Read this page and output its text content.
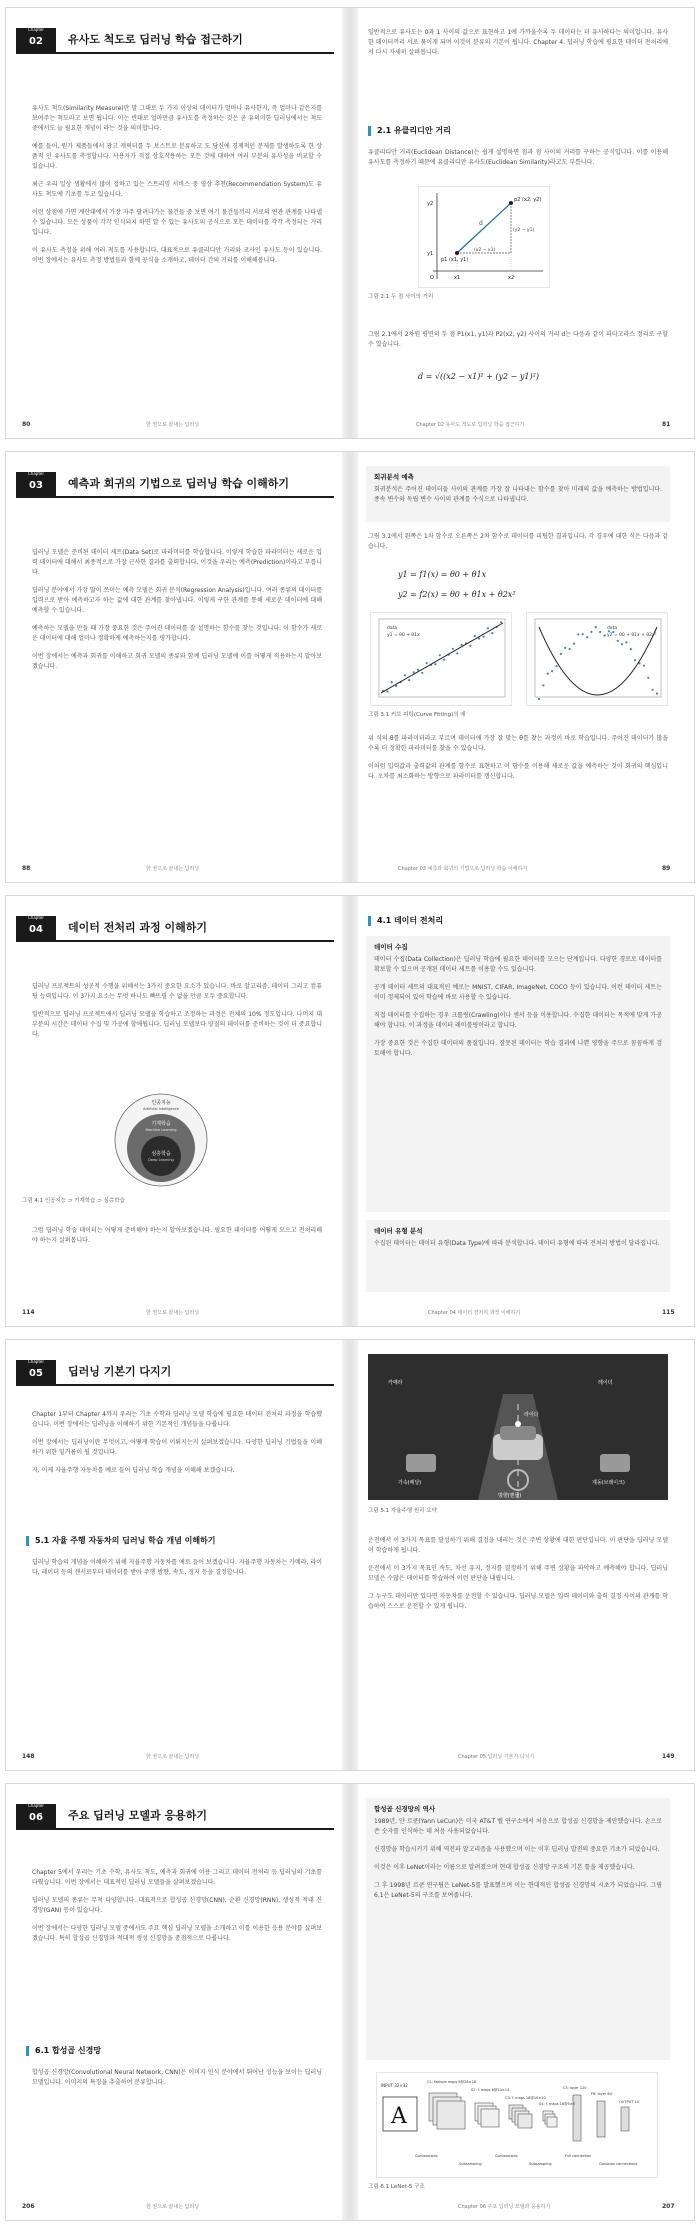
Chapter
02	유사도 척도로 딥러닝 학습 접근하기

유사도 척도(Similarity Measure)란 말 그대로 두 가지 이상의 데이터가 얼마나 유사한지, 즉 얼마나 같은지를 보여주는 척도라고 보면 됩니다. 이는 반대로 얼마만큼 유사도를 측정하는 것은 곧 유의미한 딥러닝에서는 척도 중에서도 늘 필요한 개념이 라는 것을 의미합니다.

예를 들어, 뭔가 제품들에서 광고 캐릭터를 두 보스트로 분류하고 도 당신에 경제적인 문제를 발생하도록 한 상품적 인 유사도를 측정합니다. 사용자가 직접 상호작용하는 모든 것에 대하여 여러 부분의 유사성을 비교할 수 있습니다.

최근 우리 일상 생활에서 많이 접하고 있는 스트리밍 서비스 중 영상 추천(Recommendation System)도 유사도 척도에 기초를 두고 있습니다.

이런 상점에 가면 계산대에서 가장 자주 팔려나가는 물건들 중 보면 여기 물건들끼리 서로의 연관 관계를 나타낼 수 있습니다. 모든 상품이 각각 인식되지 하면 알 수 있는 유사도의 공식으로 모든 데이터를 각각 측정되는 거리입니다.

이 유사도 측정을 위해 여러 척도를 사용합니다. 대표적으로 유클리디안 거리와 코사인 유사도 등이 있습니다. 이번 장에서는 유사도 측정 방법들과 함께 공식을 소개하고, 데이터 간의 거리를 이해해봅니다.

80	한 권으로 끝내는 딥러닝

일반적으로 유사도는 0과 1 사이의 값으로 표현하고 1에 가까울수록 두 데이터는 더 유사하다는 의미입니다. 유사한 데이터끼리 서로 묶이게 되며 이것이 분류의 기본이 됩니다. Chapter 4. 딥러닝 학습에 필요한 데이터 전처리에서 다시 자세히 살펴봅니다.

2.1 유클리디안 거리

유클리디안 거리(Euclidean Distance)는 쉽게 설명하면 점과 점 사이의 거리를 구하는 공식입니다. 이를 이용해 유사도를 측정하기 때문에 유클리디안 유사도(Euclidean Similarity)라고도 부릅니다.

p2 (x2, y2)
p1 (x1, y1)
d
(y2 − y1)
(x2 − x1)
x1	x2
y1
y2
O
그림 2.1 두 점 사이의 거리

그림 2.1에서 2차원 평면의 두 점 P1(x1, y1)과 P2(x2, y2) 사이의 거리 d는 다음과 같이 피타고라스 정리로 구할 수 있습니다.

d = √((x2 − x1)² + (y2 − y1)²)
Chapter 02 유사도 척도로 딥러닝 학습 접근하기	81
Chapter
03	예측과 회귀의 기법으로 딥러닝 학습 이해하기

딥러닝 모델은 준비된 데이터 세트(Data Set)로 파라미터를 학습합니다. 이렇게 학습한 파라미터는 새로운 입력 데이터에 대해서 최종적으로 가장 근사한 결과를 출력합니다. 이것을 우리는 예측(Prediction)이라고 부릅니다.

딥러닝 분야에서 가장 많이 쓰이는 예측 모델은 회귀 분석(Regression Analysis)입니다. 여러 종류의 데이터를 입력으로 받아 예측하고자 하는 값에 대한 관계를 찾아냅니다. 이렇게 구한 관계를 통해 새로운 데이터에 대해 예측할 수 있습니다.

예측하는 모델을 만들 때 가장 중요한 것은 주어진 데이터를 잘 설명하는 함수를 찾는 것입니다. 이 함수가 새로운 데이터에 대해 얼마나 정확하게 예측하는지를 평가합니다.

이번 장에서는 예측과 회귀를 이해하고 회귀 모델의 종류와 함께 딥러닝 모델에 이를 어떻게 적용하는지 알아보겠습니다.

88	한 권으로 끝내는 딥러닝
회귀분석 예측
회귀분석은 주어진 데이터들 사이의 관계를 가장 잘 나타내는 함수를 찾아 미래의 값을 예측하는 방법입니다. 종속 변수와 독립 변수 사이의 관계를 수식으로 나타냅니다.

그림 3.1에서 왼쪽은 1차 함수로 오른쪽은 2차 함수로 데이터를 피팅한 결과입니다. 각 경우에 대한 식은 다음과 같습니다.

y1 = f1(x) = θ0 + θ1x
y2 = f2(x) = θ0 + θ1x + θ2x²
data
y1 = θ0 + θ1x
data
y2 = θ0 + θ1x + θ2x²
그림 3.1 커브 피팅(Curve Fitting)의 예

위 식의 θ를 파라미터라고 부르며 데이터에 가장 잘 맞는 θ를 찾는 과정이 바로 학습입니다. 주어진 데이터가 많을수록 더 정확한 파라미터를 찾을 수 있습니다.

이처럼 입력값과 출력값의 관계를 함수로 표현하고 이 함수를 이용해 새로운 값을 예측하는 것이 회귀의 핵심입니다. 오차를 최소화하는 방향으로 파라미터를 갱신합니다.

Chapter 03 예측과 회귀의 기법으로 딥러닝 학습 이해하기	89
Chapter
04	데이터 전처리 과정 이해하기

딥러닝 프로젝트의 성공적 수행을 위해서는 3가지 중요한 요소가 있습니다. 바로 알고리즘, 데이터 그리고 컴퓨팅 능력입니다. 이 3가지 요소는 무엇 하나도 빠뜨릴 수 없을 만큼 모두 중요합니다.

일반적으로 딥러닝 프로젝트에서 딥러닝 모델을 학습하고 조정하는 과정은 전체의 10% 정도입니다. 나머지 대부분의 시간은 데이터 수집 및 가공에 할애됩니다. 딥러닝 모델보다 양질의 데이터를 준비하는 것이 더 중요합니다.

인공지능
Artificial Intelligence
기계학습
Machine Learning
심층학습
Deep Learning
그림 4.1 인공지능 ⊃ 기계학습 ⊃ 심층학습

그럼 딥러닝 학습 데이터는 어떻게 준비해야 하는지 알아보겠습니다. 필요한 데이터를 어떻게 모으고 전처리해야 하는지 살펴봅니다.

114	한 권으로 끝내는 딥러닝
4.1 데이터 전처리
데이터 수집

데이터 수집(Data Collection)은 딥러닝 학습에 필요한 데이터를 모으는 단계입니다. 다양한 경로로 데이터를 확보할 수 있으며 공개된 데이터 세트를 이용할 수도 있습니다.

공개 데이터 세트의 대표적인 예로는 MNIST, CIFAR, ImageNet, COCO 등이 있습니다. 이런 데이터 세트는 이미 정제되어 있어 학습에 바로 사용할 수 있습니다.

직접 데이터를 수집하는 경우 크롤링(Crawling)이나 센서 등을 이용합니다. 수집한 데이터는 목적에 맞게 가공해야 합니다. 이 과정을 데이터 레이블링이라고 합니다.

가장 중요한 것은 수집한 데이터의 품질입니다. 잘못된 데이터는 학습 결과에 나쁜 영향을 주므로 꼼꼼하게 검토해야 합니다.

데이터 유형 분석
수집된 데이터는 데이터 유형(Data Type)에 따라 분석합니다. 데이터 유형에 따라 전처리 방법이 달라집니다.
Chapter 04 데이터 전처리 과정 이해하기	115
Chapter
05	딥러닝 기본기 다지기

Chapter 1부터 Chapter 4까지 우리는 기초 수학과 딥러닝 모델 학습에 필요한 데이터 전처리 과정을 학습했습니다. 이번 장에서는 딥러닝을 이해하기 위한 기본적인 개념들을 다룹니다.

이번 장에서는 딥러닝이란 무엇이고, 어떻게 학습이 이뤄지는지 살펴보겠습니다. 다양한 딥러닝 기법들을 이해하기 위한 밑거름이 될 것입니다.

자, 이제 자율주행 자동차를 예로 들어 딥러닝 학습 개념을 이해해 보겠습니다.

5.1 자율 주행 자동차의 딥러닝 학습 개념 이해하기

딥러닝 학습의 개념을 이해하기 위해 자율주행 자동차를 예로 들어 보겠습니다. 자율주행 자동차는 카메라, 라이다, 레이더 등의 센서로부터 데이터를 받아 주행 방향, 속도, 정지 등을 결정합니다.

148	한 권으로 끝내는 딥러닝
라이다
카메라	레이더
가속(페달)
방향(핸들)
제동(브레이크)
그림 5.1 자율주행 원리 요약

운전에서 이 3가지 목표를 달성하기 위해 결정을 내리는 것은 주변 상황에 대한 판단입니다. 이 판단을 딥러닝 모델이 학습하게 됩니다.

운전에서 이 3가지 목표인 속도, 차선 유지, 정지를 결정하기 위해 주변 상황을 파악하고 예측해야 합니다. 딥러닝 모델은 수많은 데이터를 학습하여 이런 판단을 내립니다.

그 누구도 데이터만 있다면 자동차를 운전할 수 있습니다. 딥러닝 모델은 입력 데이터와 출력 결정 사이의 관계를 학습하여 스스로 운전할 수 있게 됩니다.

Chapter 05 딥러닝 기본기 다지기	149
Chapter
06	주요 딥러닝 모델과 응용하기

Chapter 5에서 우리는 기초 수학, 유사도 척도, 예측과 회귀에 이용 그리고 데이터 전처리 등 딥러닝의 기초를 다뤘습니다. 이번 장에서는 대표적인 딥러닝 모델들을 살펴보겠습니다.

딥러닝 모델의 종류는 무척 다양합니다. 대표적으로 합성곱 신경망(CNN), 순환 신경망(RNN), 생성적 적대 신경망(GAN) 등이 있습니다.

이번 장에서는 다양한 딥러닝 모델 중에서도 주요 핵심 딥러닝 모델을 소개하고 이를 이용한 응용 분야를 살펴보겠습니다. 특히 합성곱 신경망과 적대적 생성 신경망을 중점적으로 다룹니다.

6.1 합성곱 신경망

합성곱 신경망(Convolutional Neural Network, CNN)은 이미지 인식 분야에서 뛰어난 성능을 보이는 딥러닝 모델입니다. 이미지의 특징을 추출하여 분류합니다.

206	한 권으로 끝내는 딥러닝
합성곱 신경망의 역사

1989년, 얀 르쿤(Yann LeCun)은 미국 AT&T 벨 연구소에서 처음으로 합성곱 신경망을 제안했습니다. 손으로 쓴 숫자를 인식하는 데 처음 사용되었습니다.

신경망을 학습시키기 위해 역전파 알고리즘을 사용했으며 이는 이후 딥러닝 발전의 중요한 기초가 되었습니다.

이것은 이후 LeNet이라는 이름으로 알려졌으며 현대 합성곱 신경망 구조의 기본 틀을 제공했습니다.

그 후 1998년 르쿤 연구팀은 LeNet-5를 발표했으며 이는 현대적인 합성곱 신경망의 시초가 되었습니다. 그림 6.1은 LeNet-5의 구조를 보여줍니다.

A
INPUT 32×32
C1: feature maps 6@28×28
S2: f. maps 6@14×14
C3: f. maps 16@10×10
S4: f. maps 16@5×5
C5: layer 120
F6: layer 84
OUTPUT 10
Convolutions
Subsampling
Convolutions
Subsampling
Full connection
Gaussian connections
그림 6.1 LeNet-5 구조
Chapter 06 주요 딥러닝 모델과 응용하기	207
